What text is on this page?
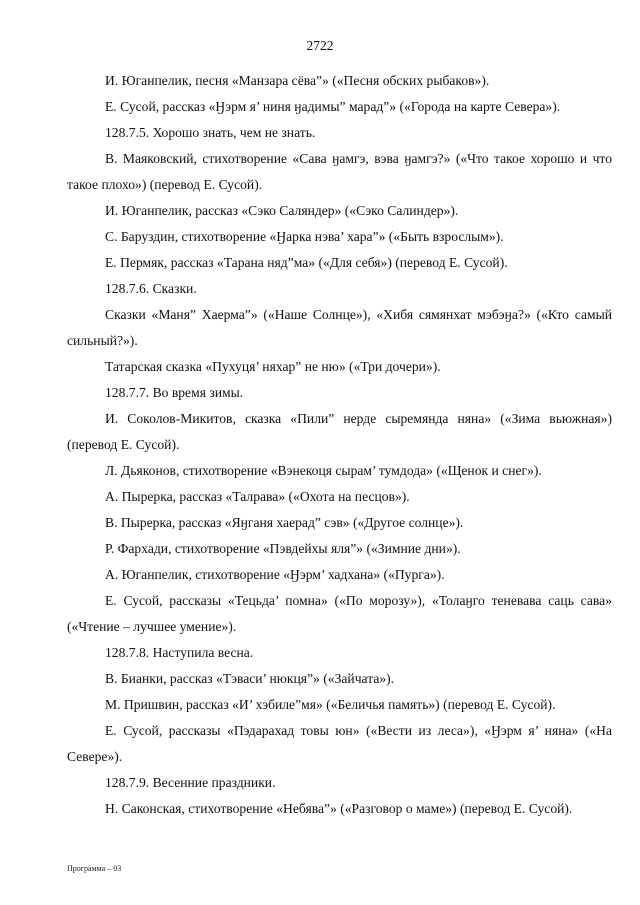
2722

И. Юганпелик, песня «Манзара сёва”» («Песня обских рыбаков»).

Е. Сусой, рассказ «Ӈэрм я’ ниня ӈадимы” марад”» («Города на карте Севера»).

128.7.5. Хорошо знать, чем не знать.

В. Маяковский, стихотворение «Сава ӈамгэ, вэва ӈамгэ?» («Что такое хорошо и что такое плохо») (перевод Е. Сусой).

И. Юганпелик, рассказ «Сэко Саляндер» («Сэко Салиндер»).

С. Баруздин, стихотворение «Ӈарка нэва’ хара”» («Быть взрослым»).

Е. Пермяк, рассказ «Тарана няд”ма» («Для себя») (перевод Е. Сусой).

128.7.6. Сказки.

Сказки «Маня” Хаерма”» («Наше Солнце»), «Хибя сямянхат мэбэӈа?» («Кто самый сильный?»).

Татарская сказка «Пухуця’ няхар” не ню» («Три дочери»).

128.7.7. Во время зимы.

И. Соколов-Микитов, сказка «Пили” нерде сыремянда няна» («Зима вьюжная») (перевод Е. Сусой).

Л. Дьяконов, стихотворение «Вэнекоця сырам’ тумдода» («Щенок и снег»).

А. Пырерка, рассказ «Талрава» («Охота на песцов»).

В. Пырерка, рассказ «Яӈганя хаерад” сэв» («Другое солнце»).

Р. Фархади, стихотворение «Пэвдейхы яля”» («Зимние дни»).

А. Юганпелик, стихотворение «Ӈэрм’ хадхана» («Пурга»).

Е. Сусой, рассказы «Тецьда’ помна» («По морозу»), «Толаӈго теневава саць сава» («Чтение – лучшее умение»).

128.7.8. Наступила весна.

В. Бианки, рассказ «Тэваси’ нюкця”» («Зайчата»).

М. Пришвин, рассказ «И’ хэбиле”мя» («Беличья память») (перевод Е. Сусой).

Е. Сусой, рассказы «Пэдарахад товы юн» («Вести из леса»), «Ӈэрм я’ няна» («На Севере»).

128.7.9. Весенние праздники.

Н. Саконская, стихотворение «Небява”» («Разговор о маме») (перевод Е. Сусой).

Программа – 03
